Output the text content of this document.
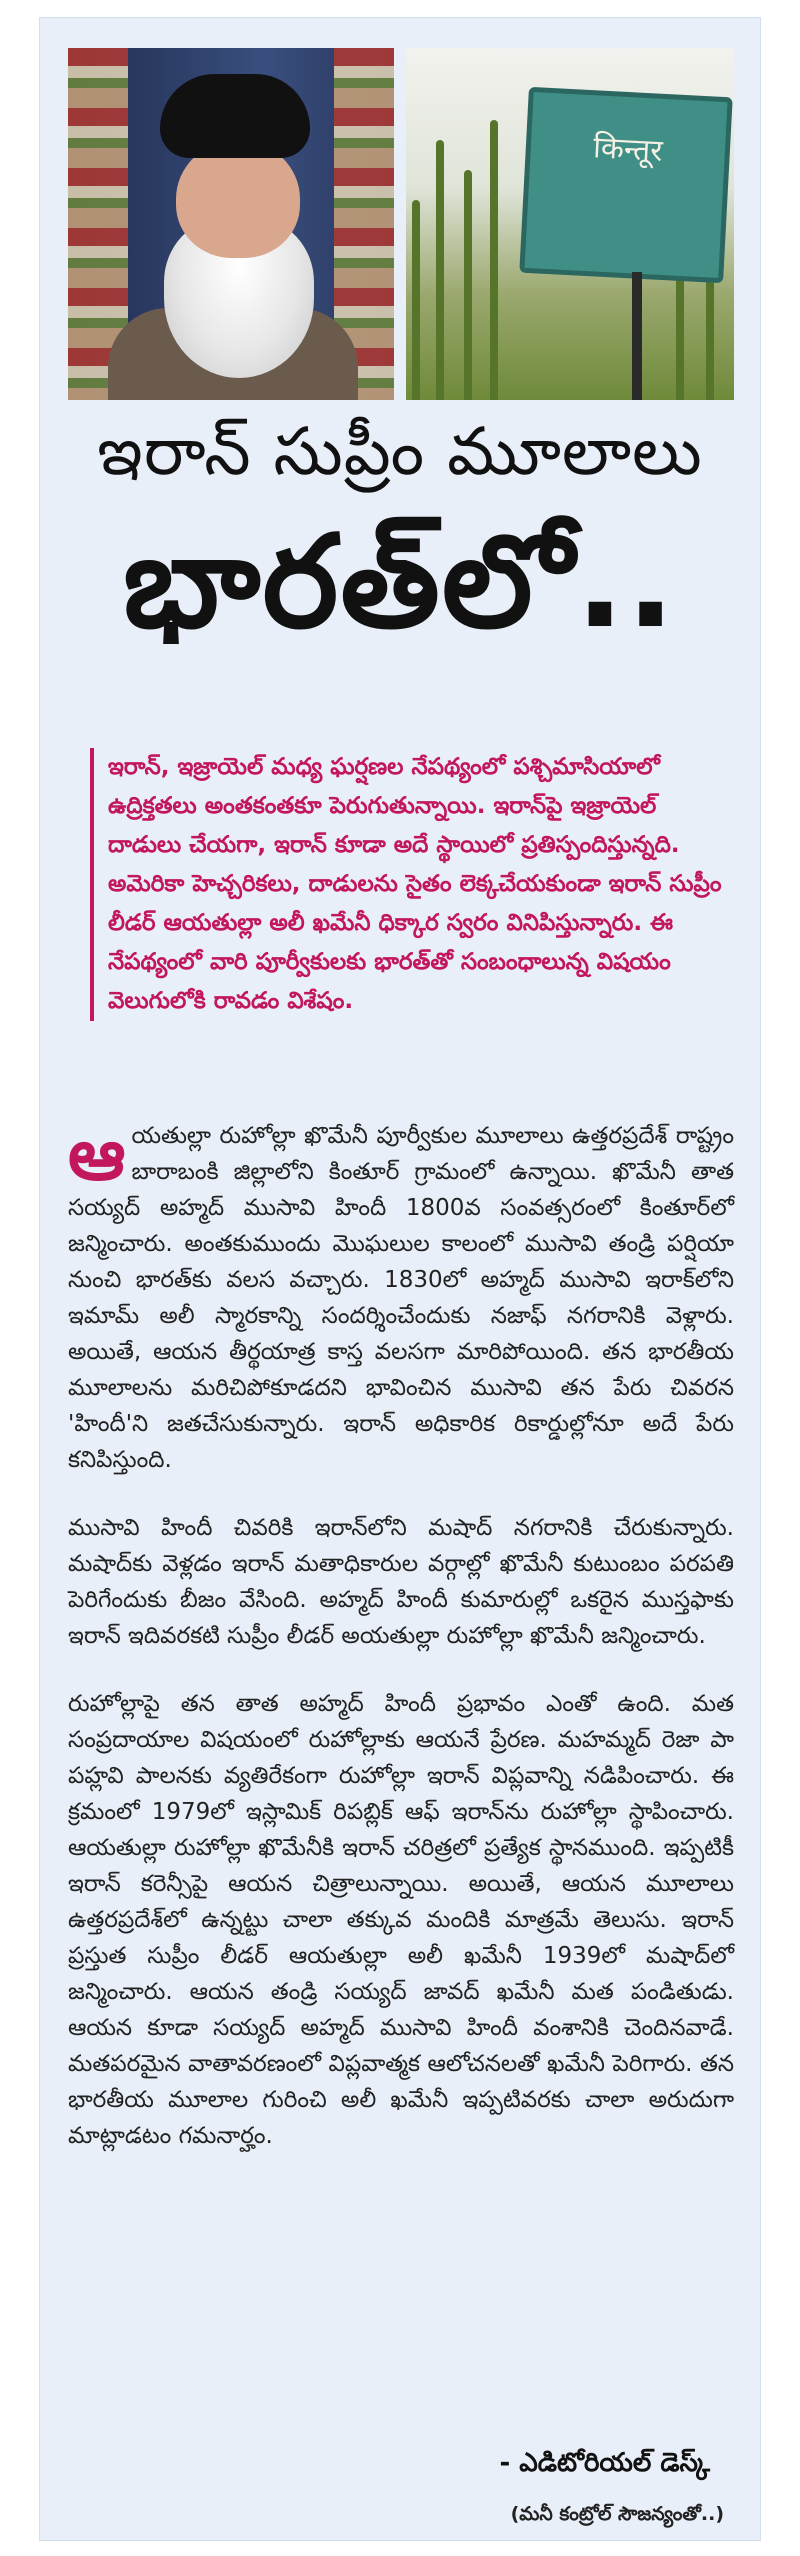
किन्तूर
ఇరాన్ సుప్రీం మూలాలు
భారత్‌లో..

ఇరాన్, ఇజ్రాయెల్ మధ్య ఘర్షణల నేపథ్యంలో పశ్చిమాసియాలో ఉద్రిక్తతలు అంతకంతకూ పెరుగుతున్నాయి. ఇరాన్‌పై ఇజ్రాయెల్ దాడులు చేయగా, ఇరాన్ కూడా అదే స్థాయిలో ప్రతిస్పందిస్తున్నది. అమెరికా హెచ్చరికలు, దాడులను సైతం లెక్కచేయకుండా ఇరాన్ సుప్రీం లీడర్ ఆయతుల్లా అలీ ఖమేనీ ధిక్కార స్వరం వినిపిస్తున్నారు. ఈ నేపథ్యంలో వారి పూర్వీకులకు భారత్‌తో సంబంధాలున్న విషయం వెలుగులోకి రావడం విశేషం.

ఆయతుల్లా రుహోల్లా ఖొమేనీ పూర్వీకుల మూలాలు ఉత్తరప్రదేశ్ రాష్ట్రం బారాబంకి జిల్లాలోని కింతూర్ గ్రామంలో ఉన్నాయి. ఖొమేనీ తాత సయ్యద్ అహ్మద్ ముసావి హిందీ 1800వ సంవత్సరంలో కింతూర్‌లో జన్మించారు. అంతకుముందు మొఘలుల కాలంలో ముసావి తండ్రి పర్షియా నుంచి భారత్‌కు వలస వచ్చారు. 1830లో అహ్మద్ ముసావి ఇరాక్‌లోని ఇమామ్ అలీ స్మారకాన్ని సందర్శించేందుకు నజాఫ్ నగరానికి వెళ్లారు. అయితే, ఆయన తీర్థయాత్ర కాస్త వలసగా మారిపోయింది. తన భారతీయ మూలాలను మరిచిపోకూడదని భావించిన ముసావి తన పేరు చివరన 'హిందీ'ని జతచేసుకున్నారు. ఇరాన్ అధికారిక రికార్డుల్లోనూ అదే పేరు కనిపిస్తుంది.

ముసావి హిందీ చివరికి ఇరాన్‌లోని మషాద్ నగరానికి చేరుకున్నారు. మషాద్‌కు వెళ్లడం ఇరాన్ మతాధికారుల వర్గాల్లో ఖొమేనీ కుటుంబం పరపతి పెరిగేందుకు బీజం వేసింది. అహ్మద్ హిందీ కుమారుల్లో ఒకరైన ముస్తఫాకు ఇరాన్ ఇదివరకటి సుప్రీం లీడర్ అయతుల్లా రుహోల్లా ఖొమేనీ జన్మించారు.

రుహోల్లాపై తన తాత అహ్మద్ హిందీ ప్రభావం ఎంతో ఉంది. మత సంప్రదాయాల విషయంలో రుహోల్లాకు ఆయనే ప్రేరణ. మహమ్మద్ రెజా పా పహ్లవి పాలనకు వ్యతిరేకంగా రుహోల్లా ఇరాన్ విప్లవాన్ని నడిపించారు. ఈ క్రమంలో 1979లో ఇస్లామిక్ రిపబ్లిక్ ఆఫ్ ఇరాన్‌ను రుహోల్లా స్థాపించారు. ఆయతుల్లా రుహోల్లా ఖొమేనీకి ఇరాన్ చరిత్రలో ప్రత్యేక స్థానముంది. ఇప్పటికీ ఇరాన్ కరెన్సీపై ఆయన చిత్రాలున్నాయి. అయితే, ఆయన మూలాలు ఉత్తరప్రదేశ్‌లో ఉన్నట్టు చాలా తక్కువ మందికి మాత్రమే తెలుసు. ఇరాన్ ప్రస్తుత సుప్రీం లీడర్ ఆయతుల్లా అలీ ఖమేనీ 1939లో మషాద్‌లో జన్మించారు. ఆయన తండ్రి సయ్యద్ జావద్ ఖమేనీ మత పండితుడు. ఆయన కూడా సయ్యద్ అహ్మద్ ముసావి హిందీ వంశానికి చెందినవాడే. మతపరమైన వాతావరణంలో విప్లవాత్మక ఆలోచనలతో ఖమేనీ పెరిగారు. తన భారతీయ మూలాల గురించి అలీ ఖమేనీ ఇప్పటివరకు చాలా అరుదుగా మాట్లాడటం గమనార్హం.

- ఎడిటోరియల్ డెస్క్
(మనీ కంట్రోల్ సౌజన్యంతో..)
